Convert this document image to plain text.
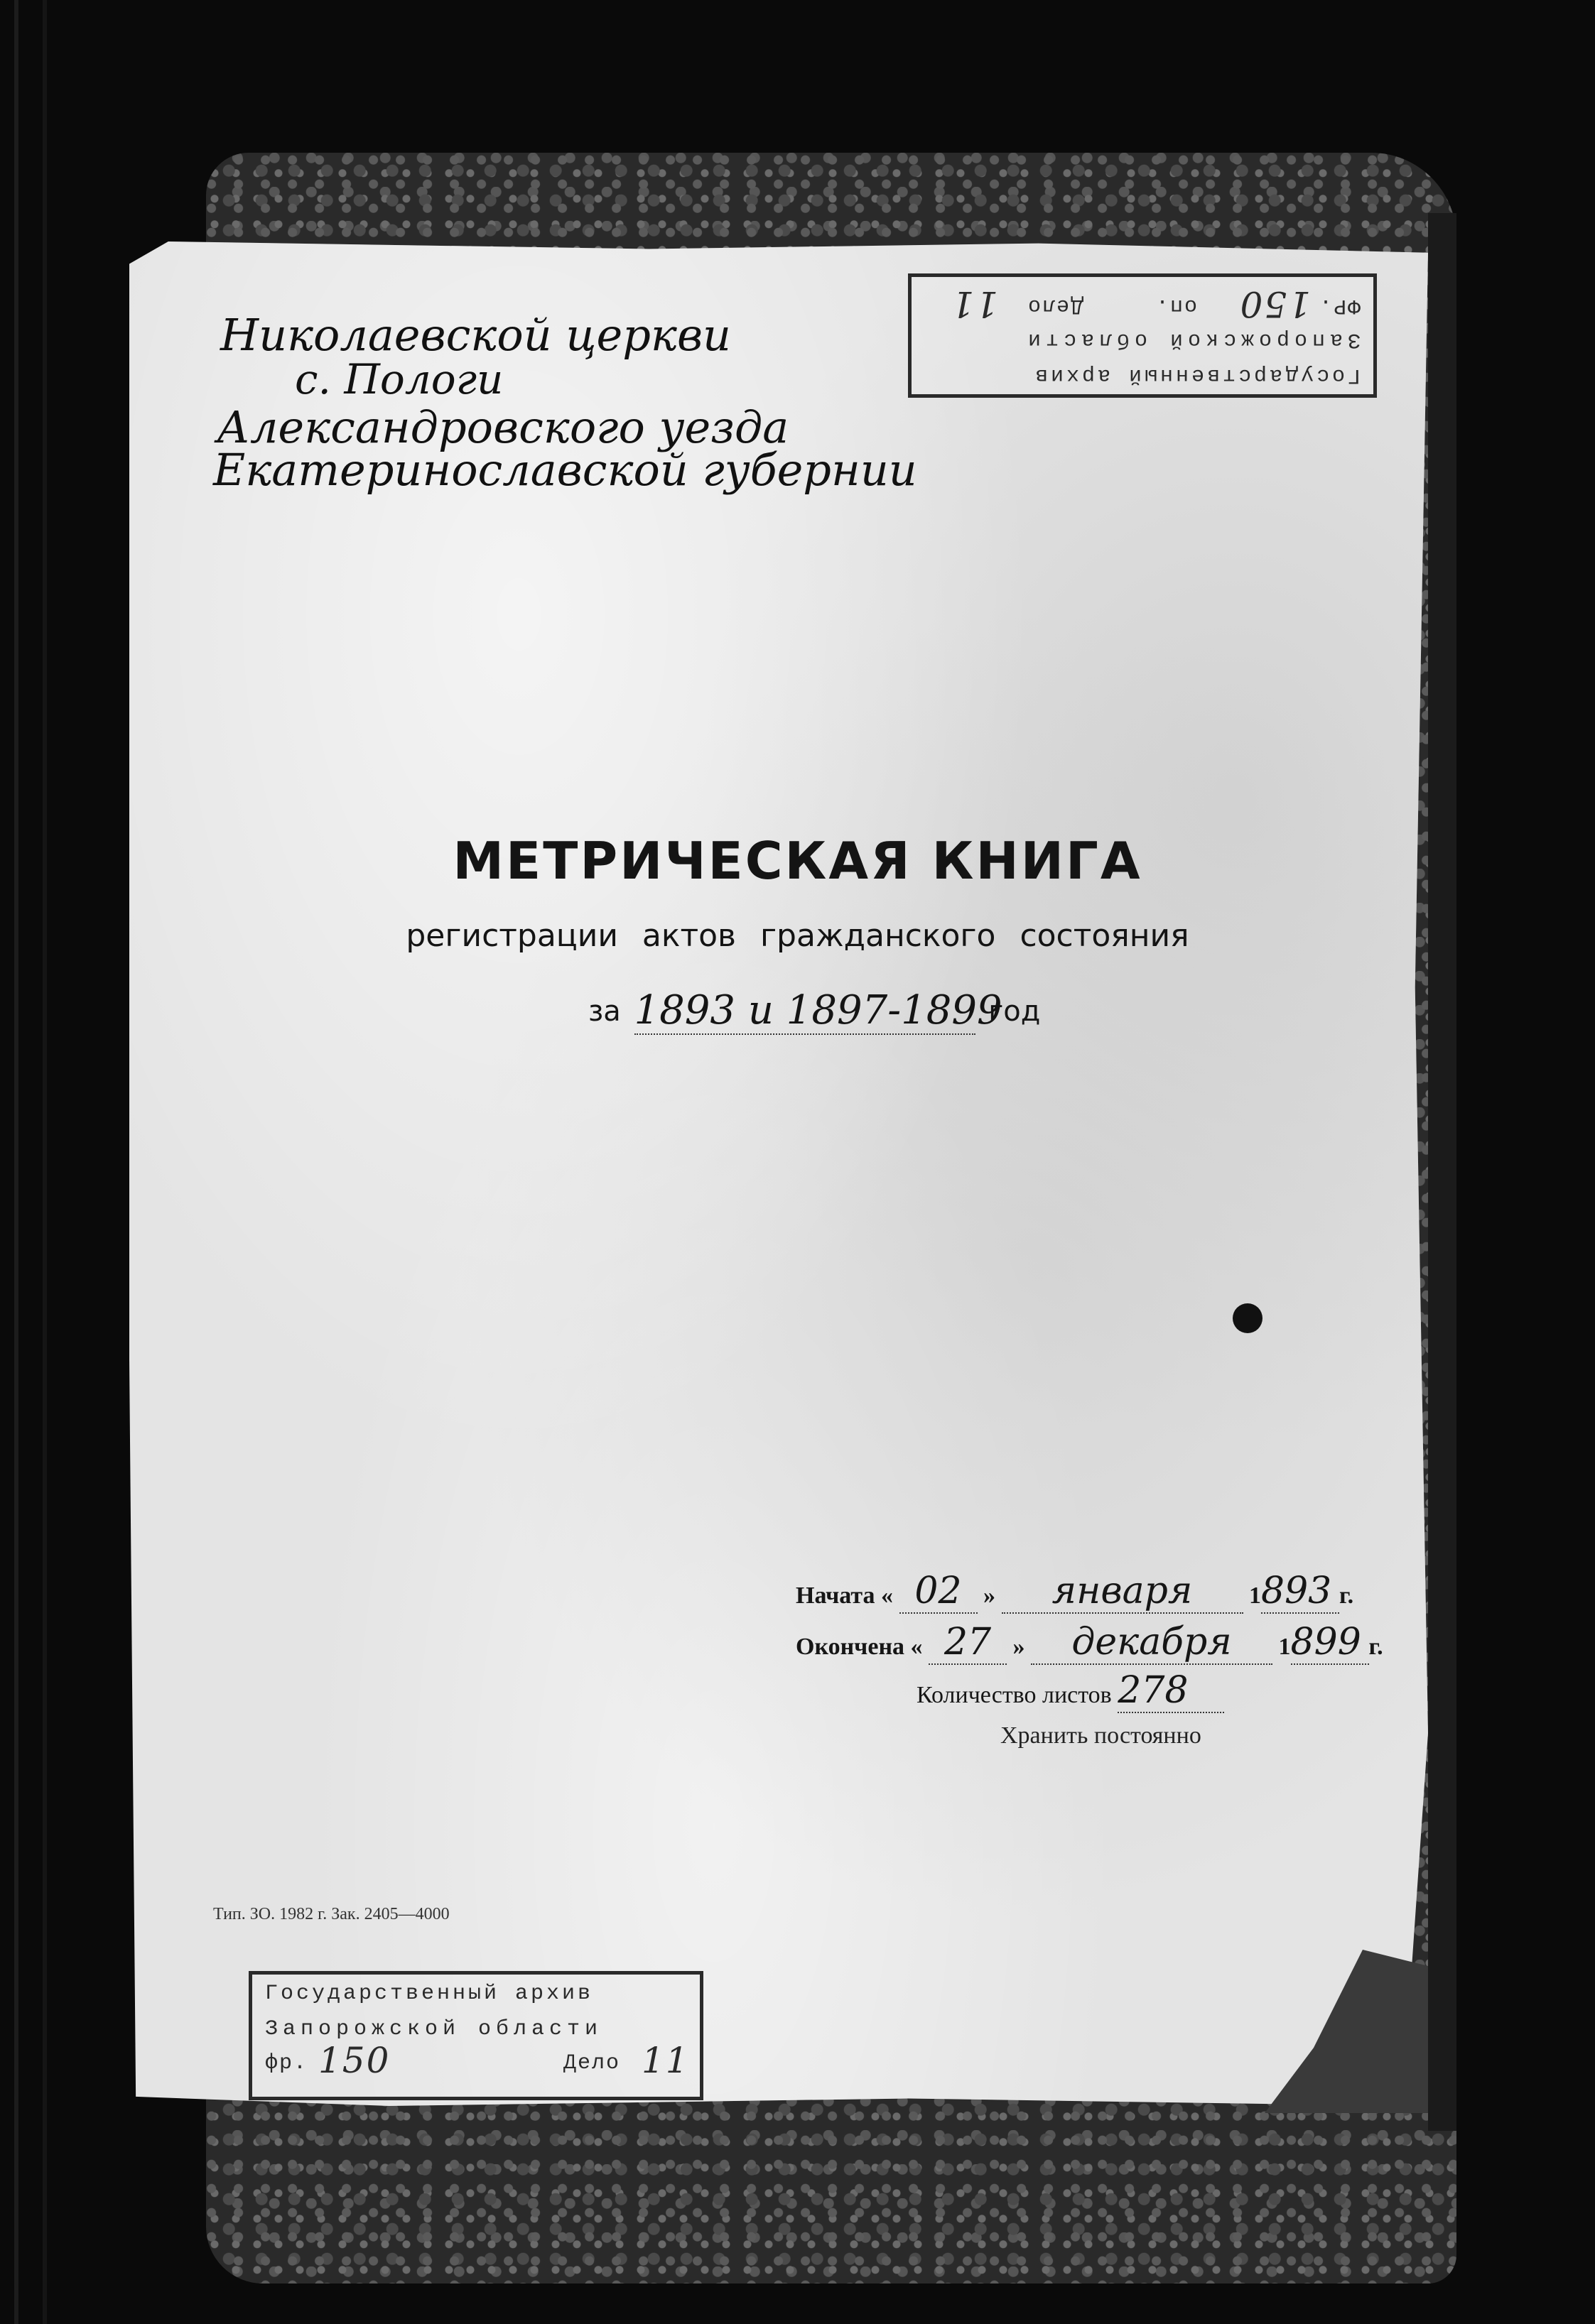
Государственный архив
Запорожской области
ФР.
150
оп.
Дело
11
Николаевской церкви
с. Пологи
Александровского уезда
Екатеринославской губернии
МЕТРИЧЕСКАЯ КНИГА
регистрации актов гражданского состояния
за 1893 и 1897-1899 год
Начата « 02 » января 1893 г.
Окончена « 27 » декабря 1899 г.
Количество листов 278
Хранить постоянно
Тип. ЗО. 1982 г. Зак. 2405—4000
Государственный архив
Запорожской области
фр. 150	Дело 11
